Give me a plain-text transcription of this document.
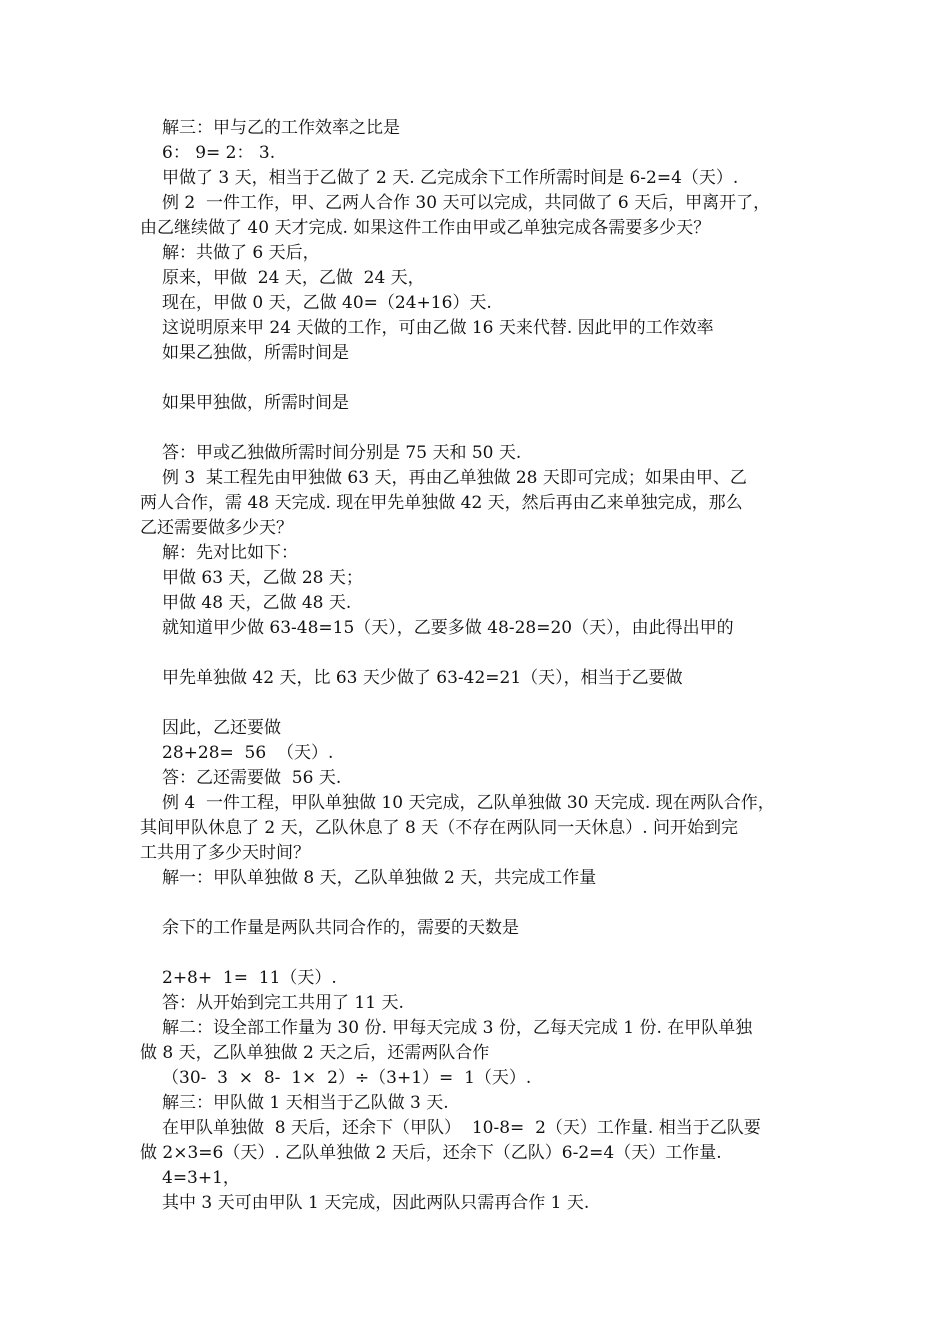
解三：甲与乙的工作效率之比是

6： 9= 2： 3.

甲做了 3 天，相当于乙做了 2 天. 乙完成余下工作所需时间是 6-2=4（天）.

例 2  一件工作，甲、乙两人合作 30 天可以完成，共同做了 6 天后，甲离开了，

由乙继续做了 40 天才完成. 如果这件工作由甲或乙单独完成各需要多少天？

解：共做了 6 天后，

原来，甲做  24 天，乙做  24 天，

现在，甲做 0 天，乙做 40=（24+16）天.

这说明原来甲 24 天做的工作，可由乙做 16 天来代替. 因此甲的工作效率

如果乙独做，所需时间是

如果甲独做，所需时间是

答：甲或乙独做所需时间分别是 75 天和 50 天.

例 3  某工程先由甲独做 63 天，再由乙单独做 28 天即可完成；如果由甲、乙

两人合作，需 48 天完成. 现在甲先单独做 42 天，然后再由乙来单独完成，那么

乙还需要做多少天？

解：先对比如下：

甲做 63 天，乙做 28 天；

甲做 48 天，乙做 48 天.

就知道甲少做 63-48=15（天），乙要多做 48-28=20（天），由此得出甲的

甲先单独做 42 天，比 63 天少做了 63-42=21（天），相当于乙要做

因此，乙还要做

28+28=  56  （天）.

答：乙还需要做  56 天.

例 4  一件工程，甲队单独做 10 天完成，乙队单独做 30 天完成. 现在两队合作，

其间甲队休息了 2 天，乙队休息了 8 天（不存在两队同一天休息）. 问开始到完

工共用了多少天时间？

解一：甲队单独做 8 天，乙队单独做 2 天，共完成工作量

余下的工作量是两队共同合作的，需要的天数是

2+8+  1=  11（天）.

答：从开始到完工共用了 11 天.

解二：设全部工作量为 30 份. 甲每天完成 3 份，乙每天完成 1 份. 在甲队单独

做 8 天，乙队单独做 2 天之后，还需两队合作

（30-  3  ×  8-  1×  2）÷（3+1）=  1（天）.

解三：甲队做 1 天相当于乙队做 3 天.

在甲队单独做  8 天后，还余下（甲队）  10-8=  2（天）工作量. 相当于乙队要

做 2×3=6（天）. 乙队单独做 2 天后，还余下（乙队）6-2=4（天）工作量.

4=3+1，

其中 3 天可由甲队 1 天完成，因此两队只需再合作 1 天.
